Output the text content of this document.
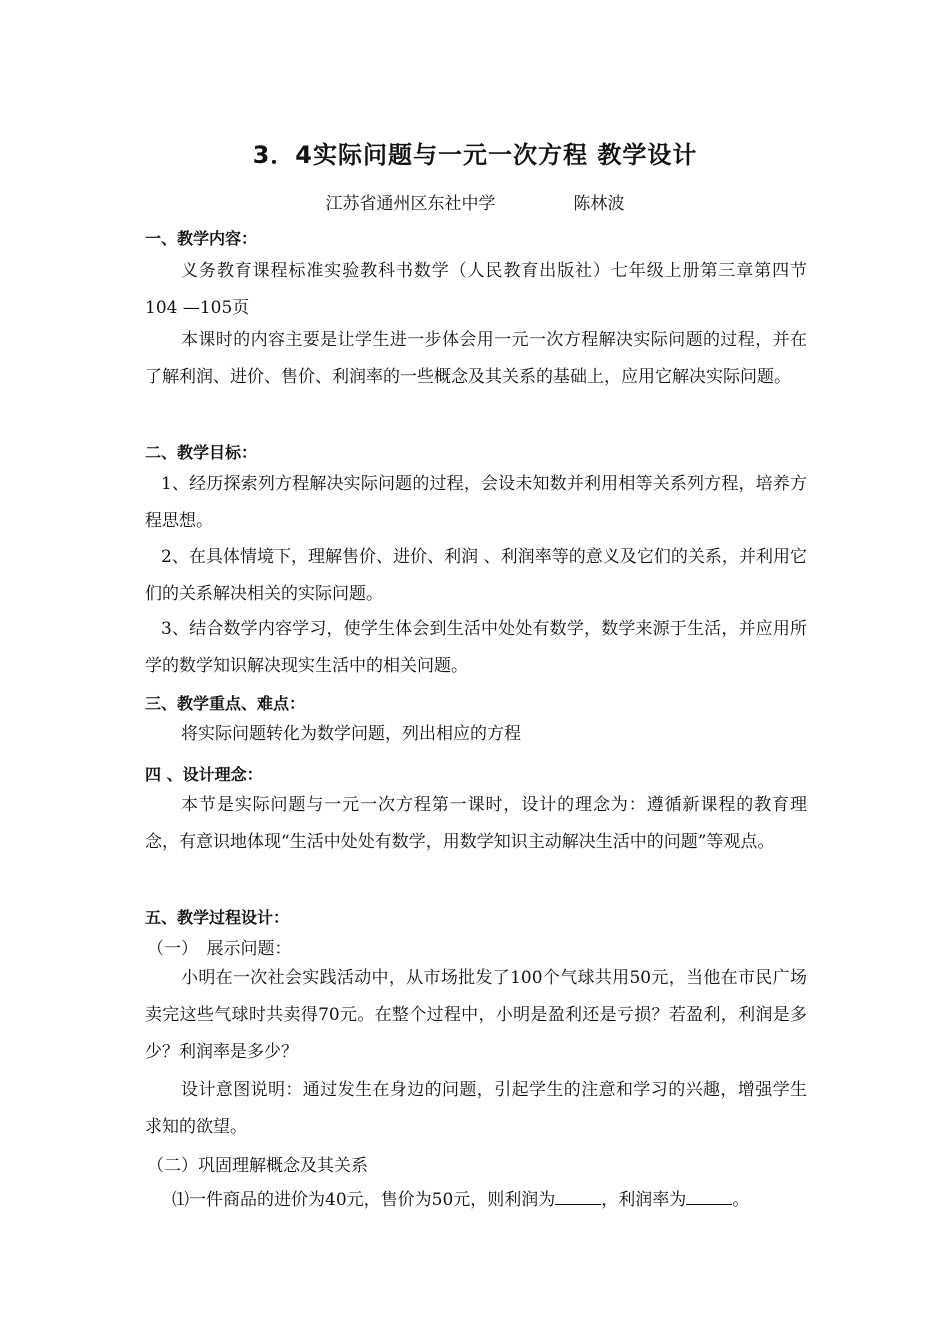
3．4实际问题与一元一次方程 教学设计
江苏省通州区东社中学	陈林波
一、教学内容：
义务教育课程标准实验教科书数学（人民教育出版社）七年级上册第三章第四节104 —105页
本课时的内容主要是让学生进一步体会用一元一次方程解决实际问题的过程，并在了解利润、进价、售价、利润率的一些概念及其关系的基础上，应用它解决实际问题。
二、教学目标：
1、经历探索列方程解决实际问题的过程，会设未知数并利用相等关系列方程，培养方程思想。
2、在具体情境下，理解售价、进价、利润 、利润率等的意义及它们的关系，并利用它们的关系解决相关的实际问题。
3、结合数学内容学习，使学生体会到生活中处处有数学，数学来源于生活，并应用所学的数学知识解决现实生活中的相关问题。
三、教学重点、难点：
将实际问题转化为数学问题，列出相应的方程
四 、设计理念：
本节是实际问题与一元一次方程第一课时，设计的理念为：遵循新课程的教育理念，有意识地体现“生活中处处有数学，用数学知识主动解决生活中的问题”等观点。
五、教学过程设计：
（一）　展示问题：
小明在一次社会实践活动中，从市场批发了100个气球共用50元，当他在市民广场卖完这些气球时共卖得70元。在整个过程中，小明是盈利还是亏损？若盈利，利润是多少？利润率是多少？
设计意图说明：通过发生在身边的问题，引起学生的注意和学习的兴趣，增强学生求知的欲望。
（二）巩固理解概念及其关系
⑴一件商品的进价为40元，售价为50元，则利润为	，利润率为	。
